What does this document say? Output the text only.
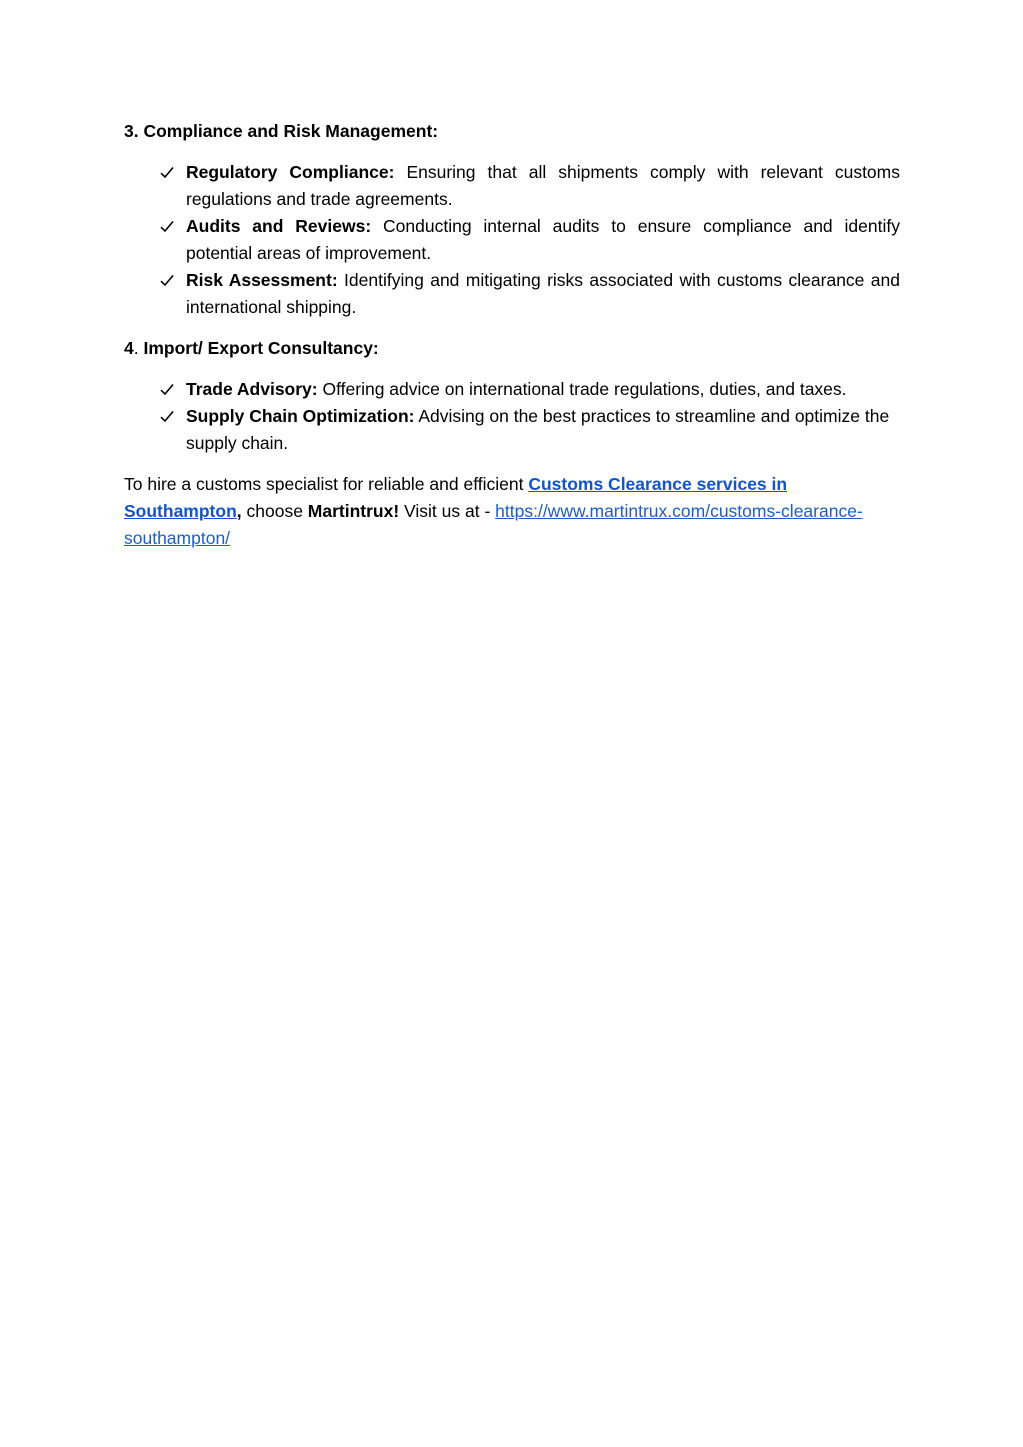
3. Compliance and Risk Management:

Regulatory Compliance: Ensuring that all shipments comply with relevant customs regulations and trade agreements.
Audits and Reviews: Conducting internal audits to ensure compliance and identify potential areas of improvement.
Risk Assessment: Identifying and mitigating risks associated with customs clearance and international shipping.

4. Import/ Export Consultancy:

Trade Advisory: Offering advice on international trade regulations, duties, and taxes.
Supply Chain Optimization: Advising on the best practices to streamline and optimize the supply chain.

To hire a customs specialist for reliable and efficient Customs Clearance services in Southampton, choose Martintrux! Visit us at - https://www.martintrux.com/customs-clearance-southampton/
